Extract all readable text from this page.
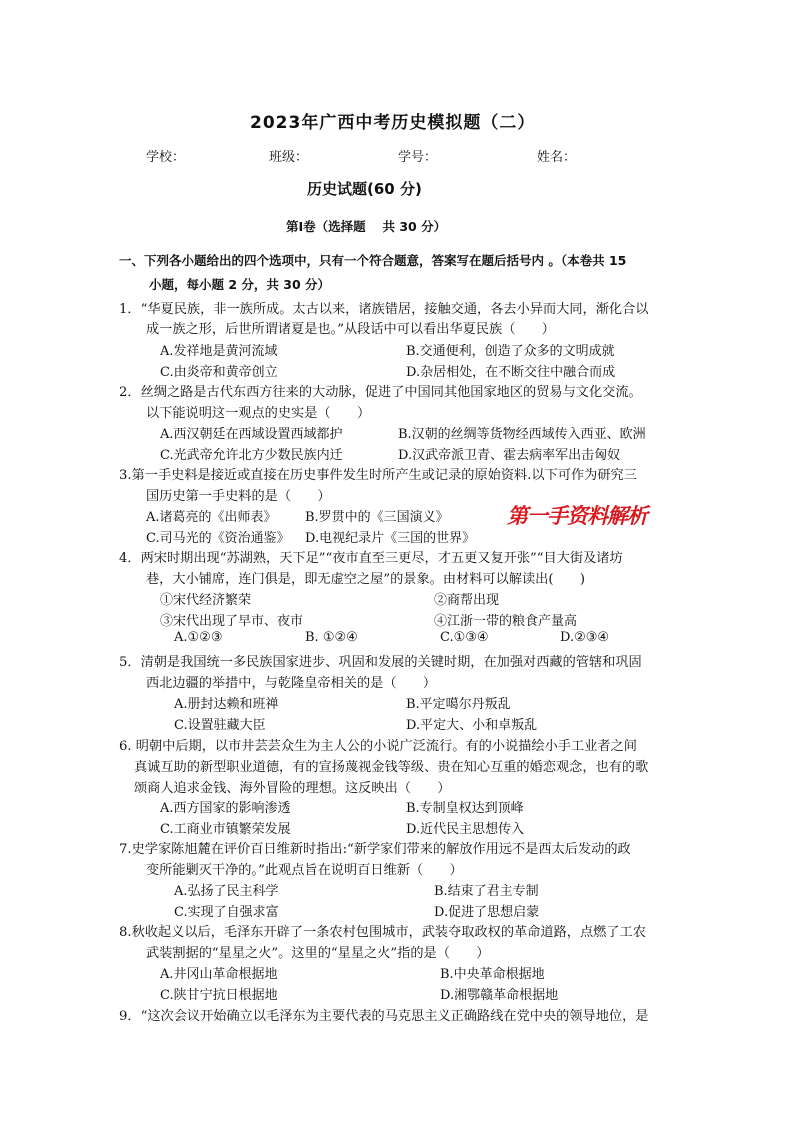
2023年广西中考历史模拟题（二）
学校：	班级：	学号：	姓名：
历史试题(60 分)
第Ⅰ卷（选择题　 共 30 分）
一、下列各小题给出的四个选项中，只有一个符合题意，答案写在题后括号内 。（本卷共 15
小题，每小题 2 分，共 30 分）
1．“华夏民族，非一族所成。太古以来，诸族错居，接触交通，各去小异而大同，渐化合以
成一族之形，后世所谓诸夏是也。”从段话中可以看出华夏民族（　　）
A.发祥地是黄河流域	B.交通便利，创造了众多的文明成就
C.由炎帝和黄帝创立	D.杂居相处，在不断交往中融合而成
2．丝绸之路是古代东西方往来的大动脉，促进了中国同其他国家地区的贸易与文化交流。
以下能说明这一观点的史实是（　　）
A.西汉朝廷在西域设置西域都护	B.汉朝的丝绸等货物经西域传入西亚、欧洲
C.光武帝允许北方少数民族内迁	D.汉武帝派卫青、霍去病率军出击匈奴
3.第一手史料是接近或直接在历史事件发生时所产生或记录的原始资料.以下可作为研究三
国历史第一手史料的是（　　）
A.诸葛亮的《出师表》 B.罗贯中的《三国演义》
C.司马光的《资治通鉴》 D.电视纪录片《三国的世界》
第一手资料解析
4．两宋时期出现“苏湖熟，天下足”“夜市直至三更尽，才五更又复开张”“目大街及诸坊
巷，大小铺席，连门俱是，即无虚空之屋”的景象。由材料可以解读出(　　)
①宋代经济繁荣	②商帮出现
③宋代出现了早市、夜市	④江浙一带的粮食产量高
A.①②③	B. ①②④	C.①③④	D.②③④
5．清朝是我国统一多民族国家进步、巩固和发展的关键时期，在加强对西藏的管辖和巩固
西北边疆的举措中，与乾隆皇帝相关的是（　　）
A.册封达赖和班禅	B.平定噶尔丹叛乱
C.设置驻藏大臣	D.平定大、小和卓叛乱
6. 明朝中后期，以市井芸芸众生为主人公的小说广泛流行。有的小说描绘小手工业者之间
真诚互助的新型职业道德，有的宣扬蔑视金钱等级、贵在知心互重的婚恋观念，也有的歌
颂商人追求金钱、海外冒险的理想。这反映出（　　）
A.西方国家的影响渗透	B.专制皇权达到顶峰
C.工商业市镇繁荣发展	D.近代民主思想传入
7.史学家陈旭麓在评价百日维新时指出:“新学家们带来的解放作用远不是西太后发动的政
变所能剿灭干净的。”此观点旨在说明百日维新（　　）
A.弘扬了民主科学	B.结束了君主专制
C.实现了自强求富	D.促进了思想启蒙
8.秋收起义以后，毛泽东开辟了一条农村包围城市，武装夺取政权的革命道路，点燃了工农
武装割据的“星星之火”。这里的“星星之火”指的是（　　）
A.井冈山革命根据地	B.中央革命根据地
C.陕甘宁抗日根据地	D.湘鄂赣革命根据地
9．“这次会议开始确立以毛泽东为主要代表的马克思主义正确路线在党中央的领导地位，是
